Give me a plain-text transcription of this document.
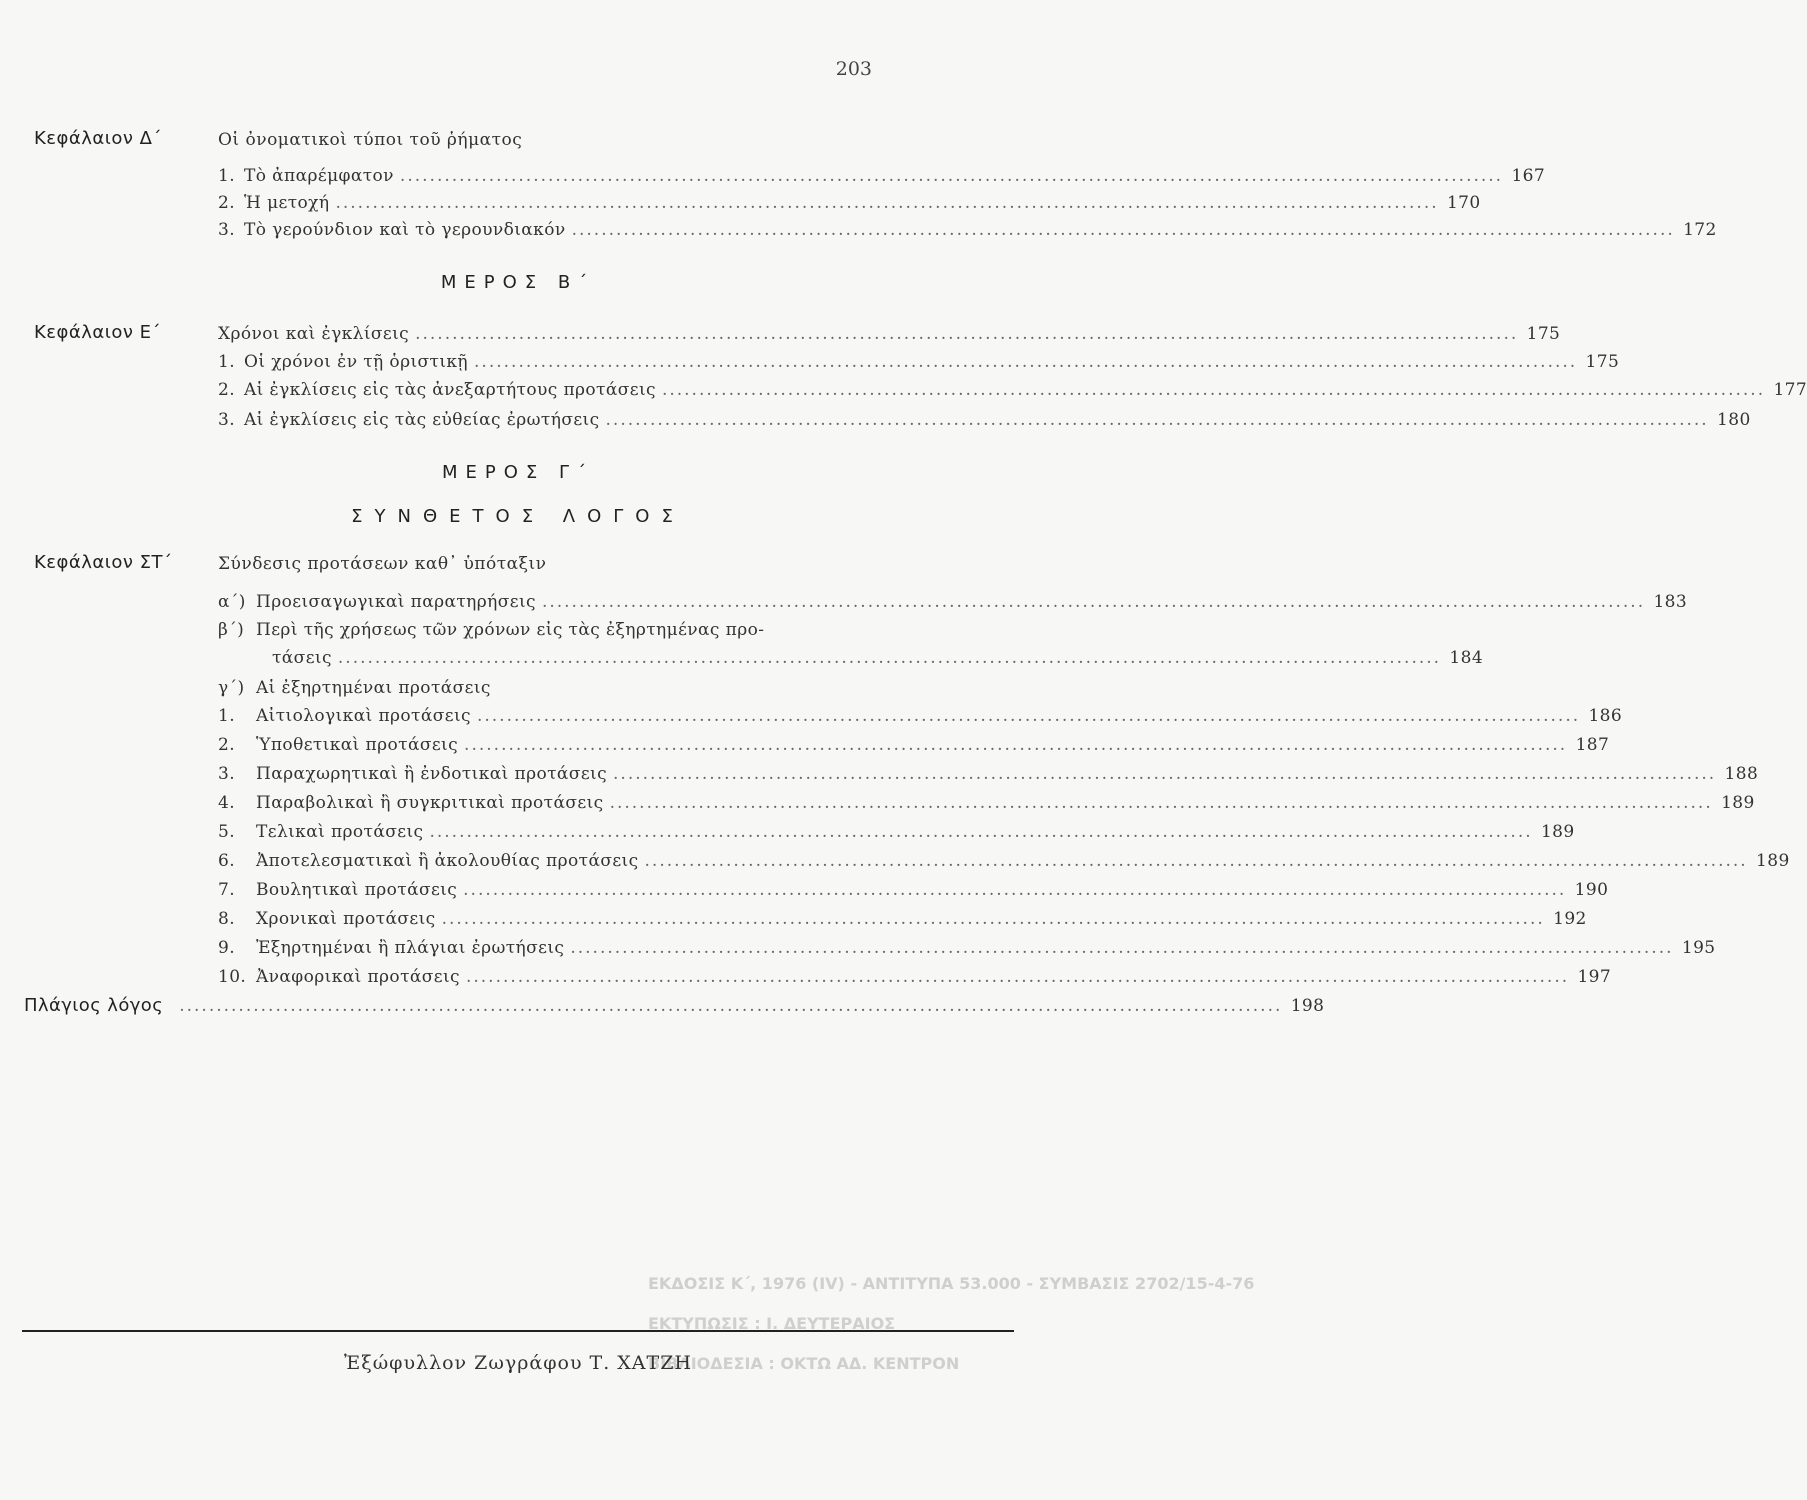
203
Κεφάλαιον Δ΄	Οἱ ὀνοματικοὶ τύποι τοῦ ῥήματος
1. Τὸ ἀπαρέμφατον ..................................................................................................................................................... 167
2. Ἡ μετοχή ..................................................................................................................................................... 170
3. Τὸ γερούνδιον καὶ τὸ γερουνδιακόν ..................................................................................................................................................... 172
ΜΕΡΟΣ Β΄
Κεφάλαιον Ε΄	Χρόνοι καὶ ἐγκλίσεις ..................................................................................................................................................... 175
1. Οἱ χρόνοι ἐν τῇ ὁριστικῇ ..................................................................................................................................................... 175
2. Αἱ ἐγκλίσεις εἰς τὰς ἀνεξαρτήτους προτάσεις ..................................................................................................................................................... 177
3. Αἱ ἐγκλίσεις εἰς τὰς εὐθείας ἐρωτήσεις ..................................................................................................................................................... 180
ΜΕΡΟΣ Γ΄
ΣΥΝΘΕΤΟΣ ΛΟΓΟΣ
Κεφάλαιον ΣΤ΄	Σύνδεσις προτάσεων καθ᾽ ὑπόταξιν
α΄) Προεισαγωγικαὶ παρατηρήσεις ..................................................................................................................................................... 183
β΄) Περὶ τῆς χρήσεως τῶν χρόνων εἰς τὰς ἐξηρτημένας προ-
τάσεις ..................................................................................................................................................... 184
γ΄) Αἱ ἐξηρτημέναι προτάσεις
1.	Αἰτιολογικαὶ προτάσεις ..................................................................................................................................................... 186
2.	Ὑποθετικαὶ προτάσεις ..................................................................................................................................................... 187
3.	Παραχωρητικαὶ ἢ ἐνδοτικαὶ προτάσεις ..................................................................................................................................................... 188
4.	Παραβολικαὶ ἢ συγκριτικαὶ προτάσεις ..................................................................................................................................................... 189
5.	Τελικαὶ προτάσεις ..................................................................................................................................................... 189
6.	Ἀποτελεσματικαὶ ἢ ἀκολουθίας προτάσεις ..................................................................................................................................................... 189
7.	Βουλητικαὶ προτάσεις ..................................................................................................................................................... 190
8.	Χρονικαὶ προτάσεις ..................................................................................................................................................... 192
9.	Ἐξηρτημέναι ἢ πλάγιαι ἐρωτήσεις ..................................................................................................................................................... 195
10. Ἀναφορικαὶ προτάσεις ..................................................................................................................................................... 197
Πλάγιος λόγος ..................................................................................................................................................... 198
ΕΚΔΟΣΙΣ Κ΄, 1976 (IV) - ΑΝΤΙΤΥΠΑ 53.000 - ΣΥΜΒΑΣΙΣ 2702/15-4-76
ΕΚΤΥΠΩΣΙΣ : Ι. ΔΕΥΤΕΡΑΙΟΣ
ΒΙΒΛΙΟΔΕΣΙΑ : ΟΚΤΩ ΑΔ. ΚΕΝΤΡΟΝ
Ἐξώφυλλον Ζωγράφου Τ. ΧΑΤΖΗ
